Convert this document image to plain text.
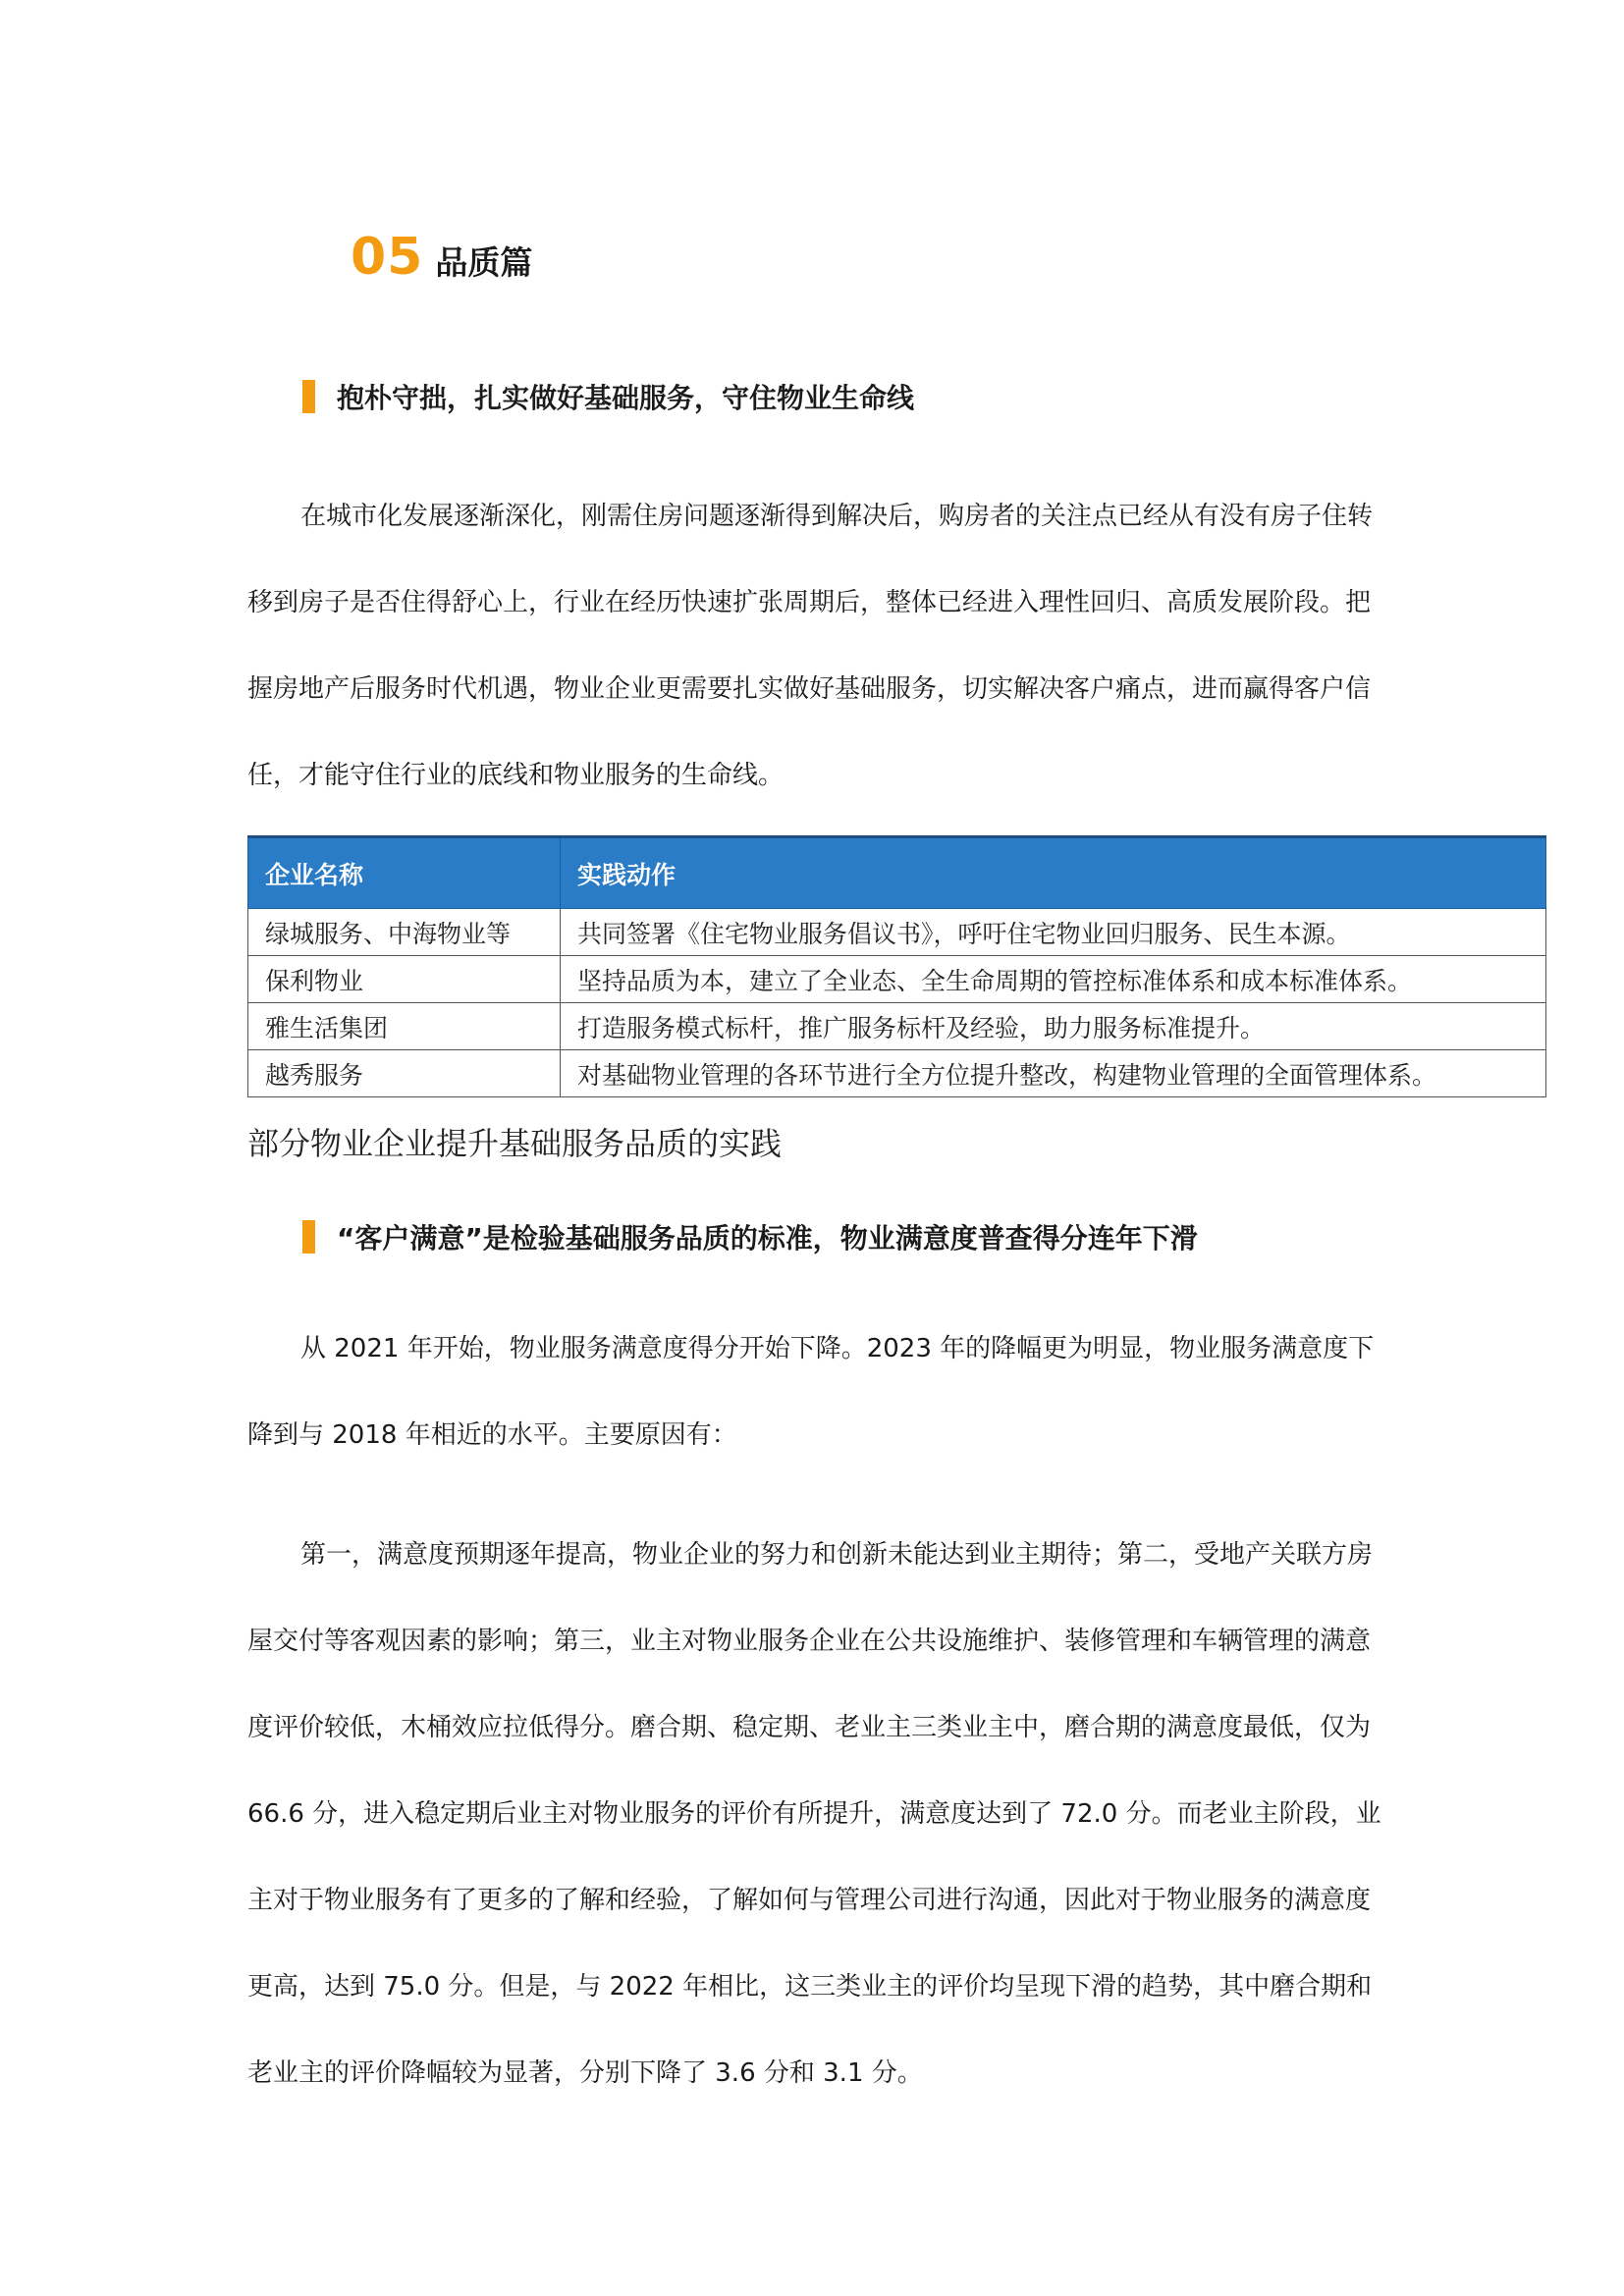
05 品质篇
抱朴守拙，扎实做好基础服务，守住物业生命线
在城市化发展逐渐深化，刚需住房问题逐渐得到解决后，购房者的关注点已经从有没有房子住转
移到房子是否住得舒心上，行业在经历快速扩张周期后，整体已经进入理性回归、高质发展阶段。把
握房地产后服务时代机遇，物业企业更需要扎实做好基础服务，切实解决客户痛点，进而赢得客户信
任，才能守住行业的底线和物业服务的生命线。
企业名称	实践动作
绿城服务、中海物业等	共同签署《住宅物业服务倡议书》，呼吁住宅物业回归服务、民生本源。
保利物业	坚持品质为本，建立了全业态、全生命周期的管控标准体系和成本标准体系。
雅生活集团	打造服务模式标杆，推广服务标杆及经验，助力服务标准提升。
越秀服务	对基础物业管理的各环节进行全方位提升整改，构建物业管理的全面管理体系。
部分物业企业提升基础服务品质的实践
“客户满意”是检验基础服务品质的标准，物业满意度普查得分连年下滑
从 2021 年开始，物业服务满意度得分开始下降。2023 年的降幅更为明显，物业服务满意度下
降到与 2018 年相近的水平。主要原因有：
第一，满意度预期逐年提高，物业企业的努力和创新未能达到业主期待；第二，受地产关联方房
屋交付等客观因素的影响；第三，业主对物业服务企业在公共设施维护、装修管理和车辆管理的满意
度评价较低，木桶效应拉低得分。磨合期、稳定期、老业主三类业主中，磨合期的满意度最低，仅为
66.6 分，进入稳定期后业主对物业服务的评价有所提升，满意度达到了 72.0 分。而老业主阶段，业
主对于物业服务有了更多的了解和经验，了解如何与管理公司进行沟通，因此对于物业服务的满意度
更高，达到 75.0 分。但是，与 2022 年相比，这三类业主的评价均呈现下滑的趋势，其中磨合期和
老业主的评价降幅较为显著，分别下降了 3.6 分和 3.1 分。
